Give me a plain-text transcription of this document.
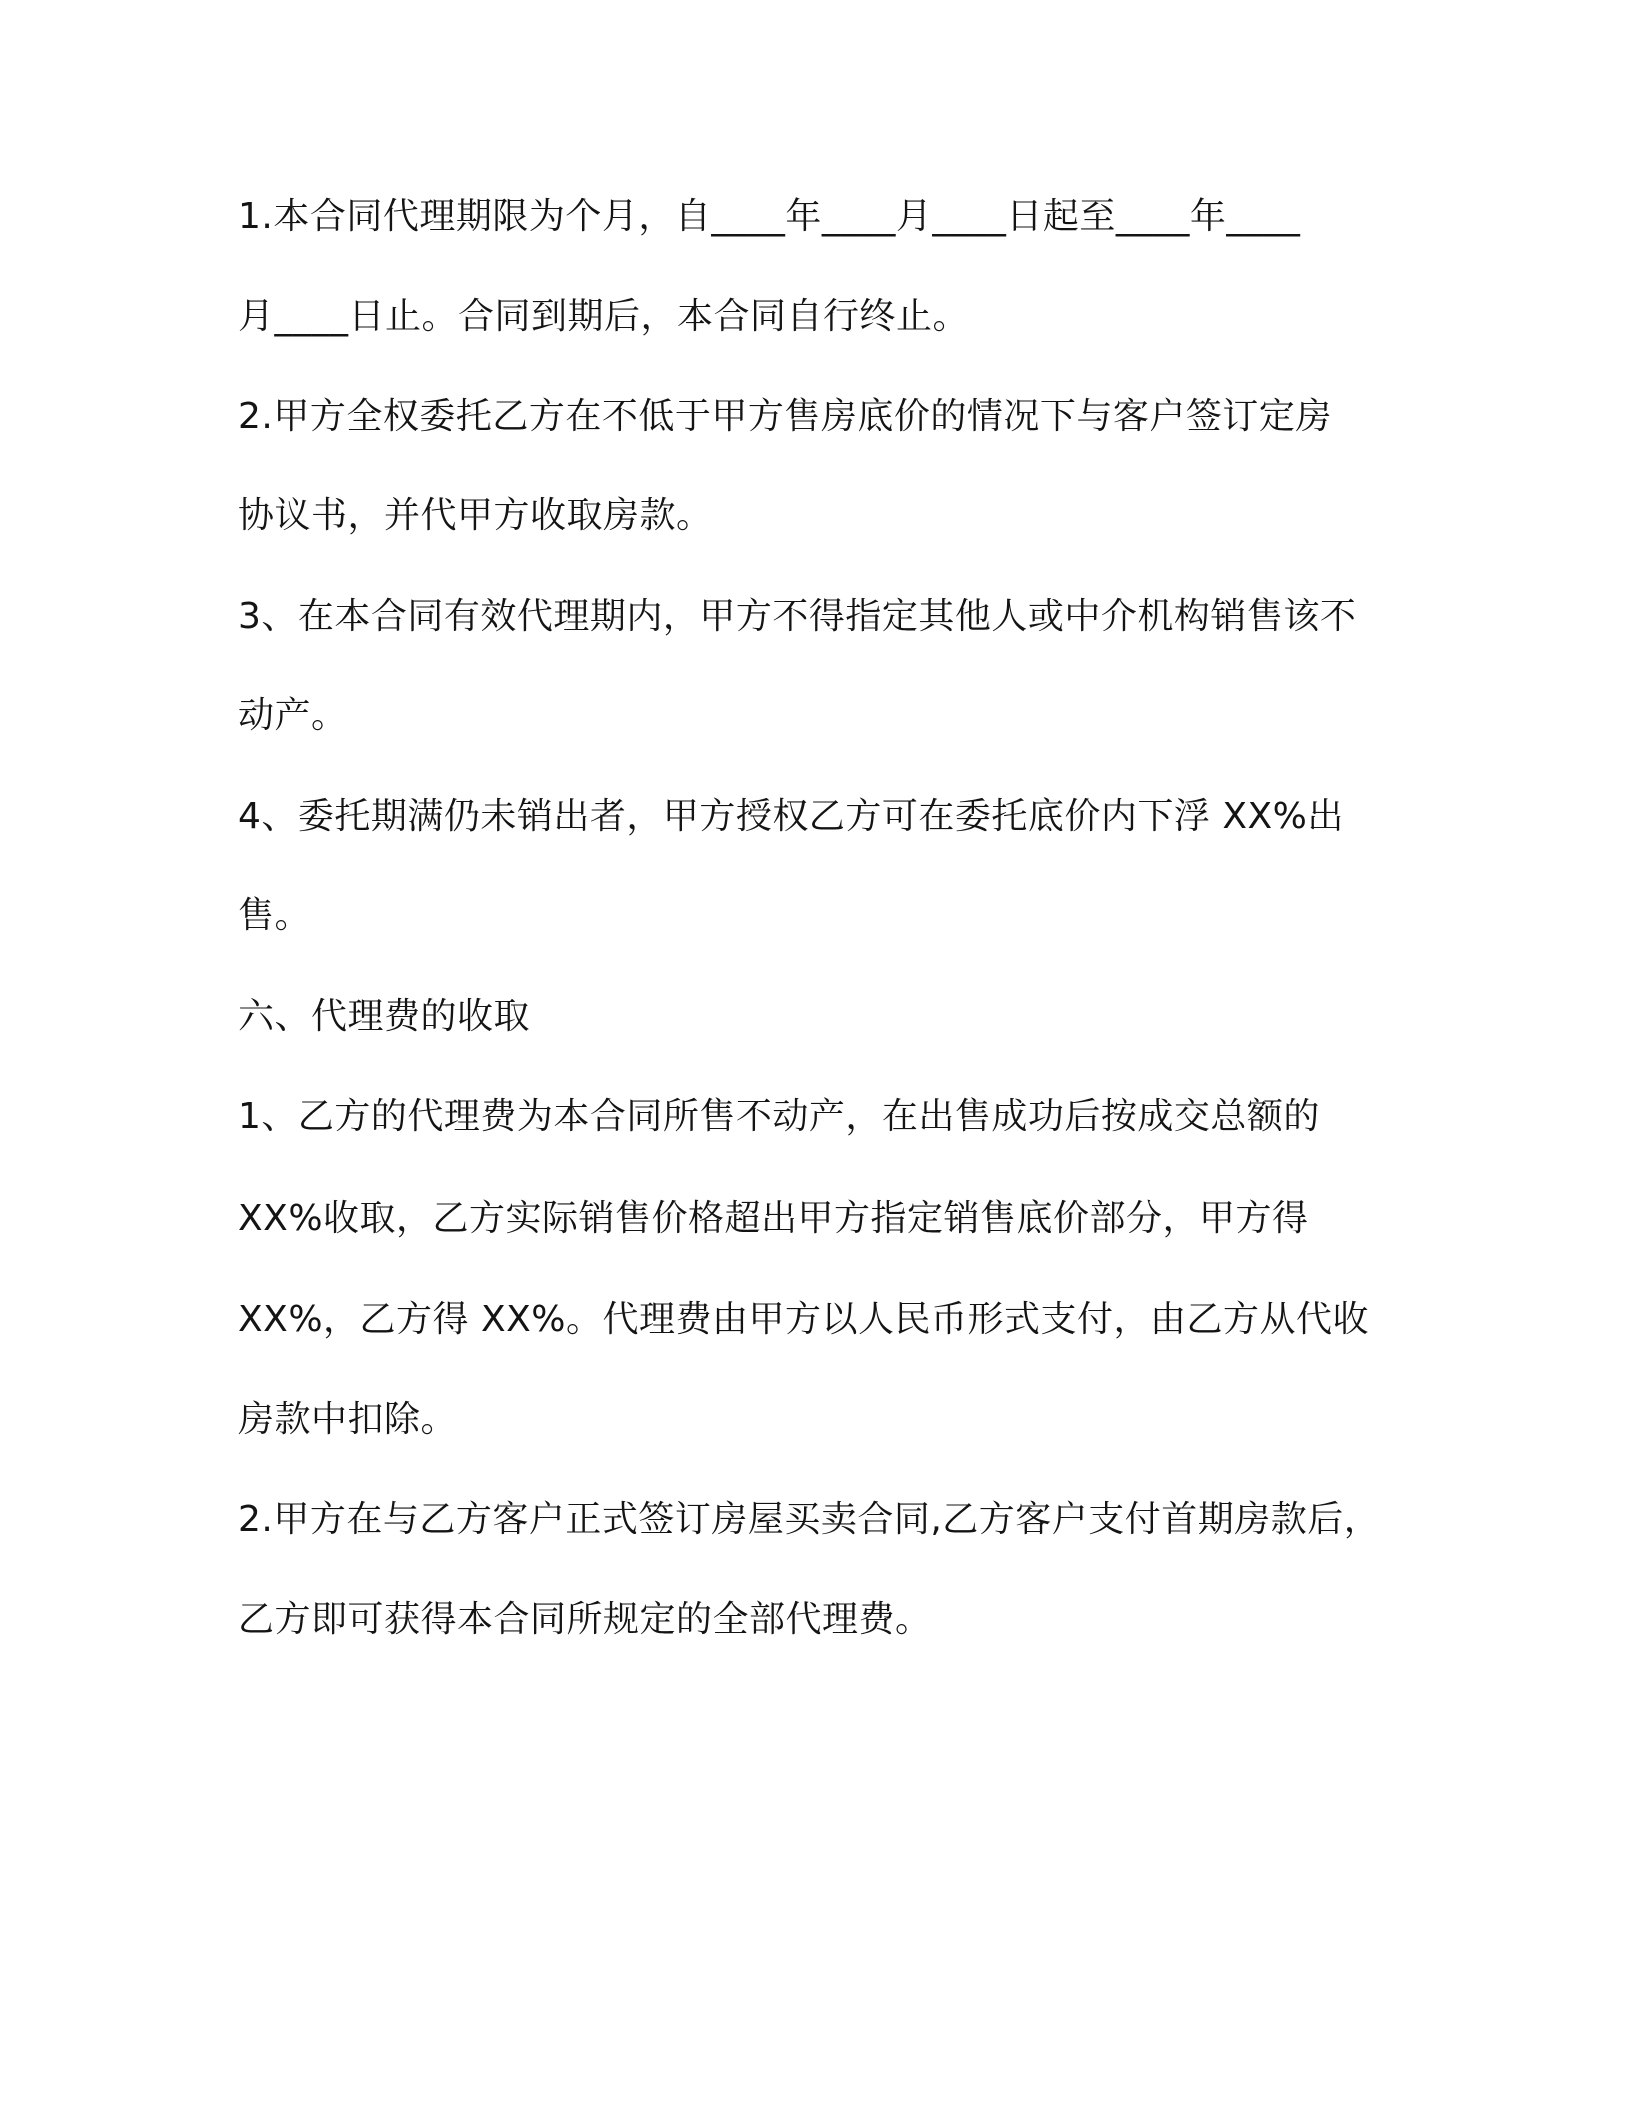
1.本合同代理期限为个月，自____年____月____日起至____年____
月____日止。合同到期后，本合同自行终止。
2.甲方全权委托乙方在不低于甲方售房底价的情况下与客户签订定房
协议书，并代甲方收取房款。
3、在本合同有效代理期内，甲方不得指定其他人或中介机构销售该不
动产。
4、委托期满仍未销出者，甲方授权乙方可在委托底价内下浮 XX%出
售。
六、代理费的收取
1、乙方的代理费为本合同所售不动产，在出售成功后按成交总额的
XX%收取，乙方实际销售价格超出甲方指定销售底价部分，甲方得
XX%，乙方得 XX%。代理费由甲方以人民币形式支付，由乙方从代收
房款中扣除。
2.甲方在与乙方客户正式签订房屋买卖合同,乙方客户支付首期房款后，
乙方即可获得本合同所规定的全部代理费。
